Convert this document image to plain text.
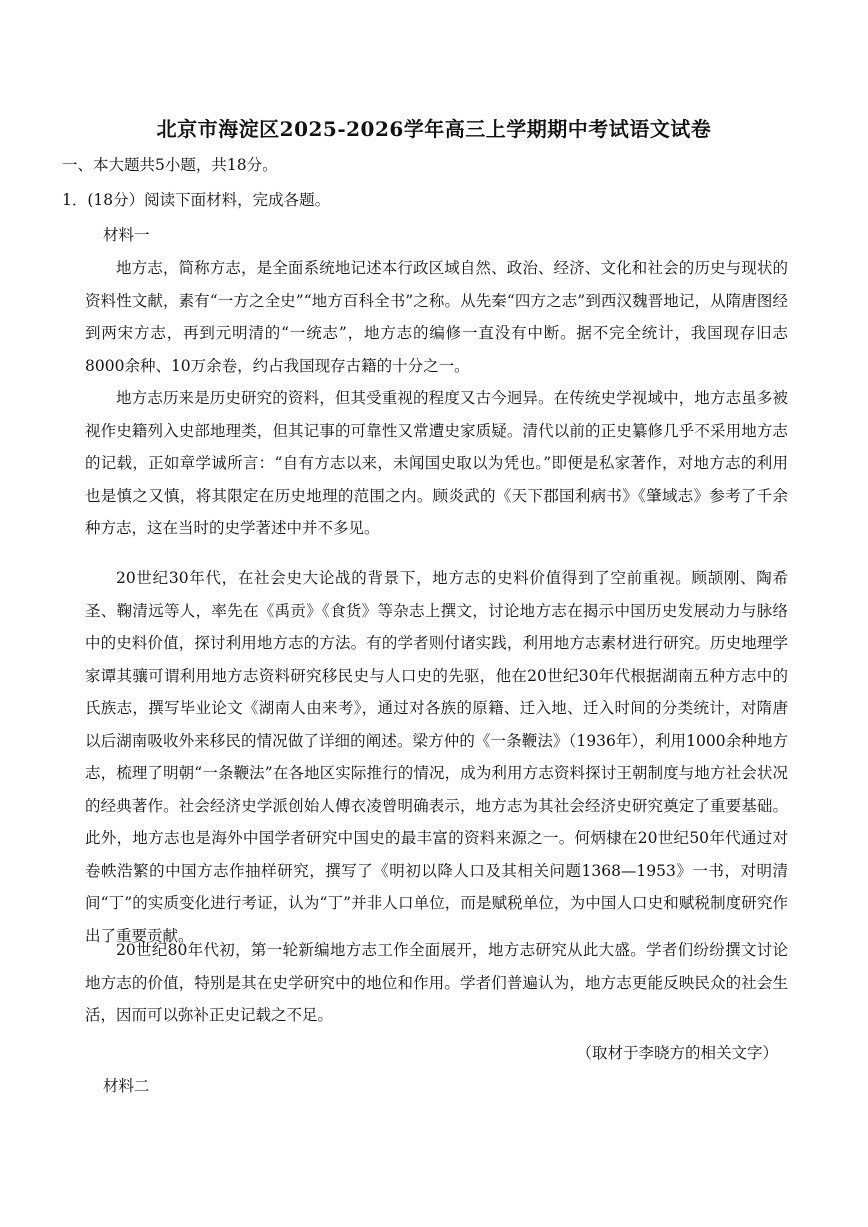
北京市海淀区2025-2026学年高三上学期期中考试语文试卷
一、本大题共5小题，共18分。
1．(18分）阅读下面材料，完成各题。
材料一

地方志，简称方志，是全面系统地记述本行政区域自然、政治、经济、文化和社会的历史与现状的资料性文献，素有“一方之全史”“地方百科全书”之称。从先秦“四方之志”到西汉魏晋地记，从隋唐图经到两宋方志，再到元明清的“一统志”，地方志的编修一直没有中断。据不完全统计，我国现存旧志8000余种、10万余卷，约占我国现存古籍的十分之一。

地方志历来是历史研究的资料，但其受重视的程度又古今迥异。在传统史学视域中，地方志虽多被视作史籍列入史部地理类，但其记事的可靠性又常遭史家质疑。清代以前的正史纂修几乎不采用地方志的记载，正如章学诚所言：“自有方志以来，未闻国史取以为凭也。”即便是私家著作，对地方志的利用也是慎之又慎，将其限定在历史地理的范围之内。顾炎武的《天下郡国利病书》《肇域志》参考了千余种方志，这在当时的史学著述中并不多见。

20世纪30年代，在社会史大论战的背景下，地方志的史料价值得到了空前重视。顾颉刚、陶希圣、鞠清远等人，率先在《禹贡》《食货》等杂志上撰文，讨论地方志在揭示中国历史发展动力与脉络中的史料价值，探讨利用地方志的方法。有的学者则付诸实践，利用地方志素材进行研究。历史地理学家谭其骧可谓利用地方志资料研究移民史与人口史的先驱，他在20世纪30年代根据湖南五种方志中的氏族志，撰写毕业论文《湖南人由来考》，通过对各族的原籍、迁入地、迁入时间的分类统计，对隋唐以后湖南吸收外来移民的情况做了详细的阐述。梁方仲的《一条鞭法》（1936年），利用1000余种地方志，梳理了明朝“一条鞭法”在各地区实际推行的情况，成为利用方志资料探讨王朝制度与地方社会状况的经典著作。社会经济史学派创始人傅衣凌曾明确表示，地方志为其社会经济史研究奠定了重要基础。此外，地方志也是海外中国学者研究中国史的最丰富的资料来源之一。何炳棣在20世纪50年代通过对卷帙浩繁的中国方志作抽样研究，撰写了《明初以降人口及其相关问题1368—1953》一书，对明清间“丁”的实质变化进行考证，认为“丁”并非人口单位，而是赋税单位，为中国人口史和赋税制度研究作出了重要贡献。

20世纪80年代初，第一轮新编地方志工作全面展开，地方志研究从此大盛。学者们纷纷撰文讨论地方志的价值，特别是其在史学研究中的地位和作用。学者们普遍认为，地方志更能反映民众的社会生活，因而可以弥补正史记载之不足。

（取材于李晓方的相关文字）
材料二
